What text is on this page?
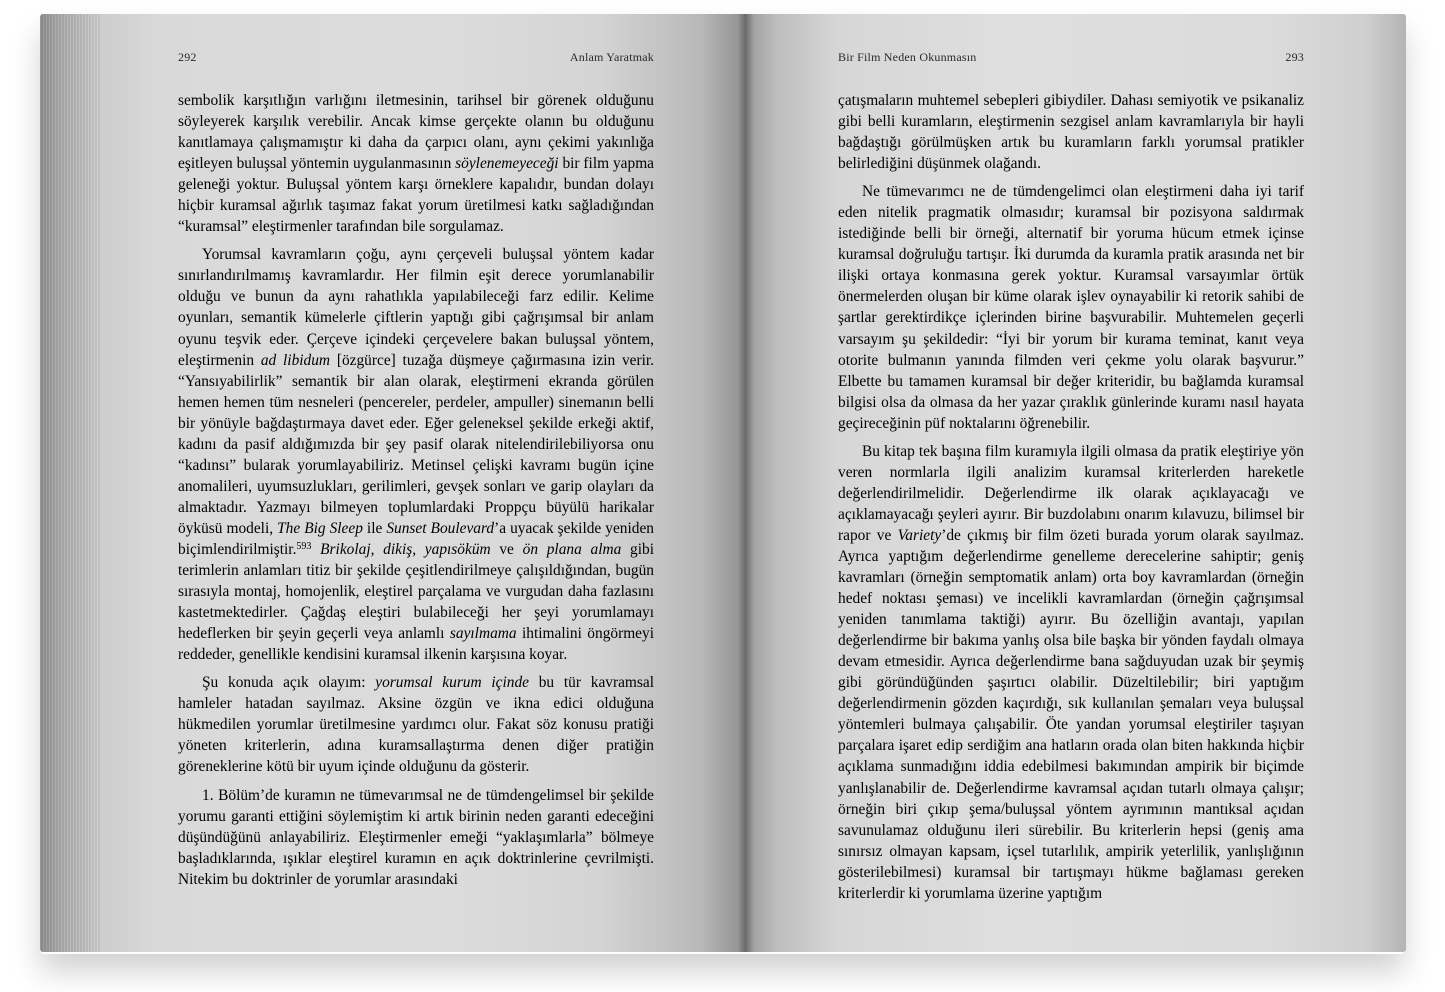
292	Anlam Yaratmak	Bir Film Neden Okunmasın	293

sembolik karşıtlığın varlığını iletmesinin, tarihsel bir görenek olduğunu söyleyerek karşılık verebilir. Ancak kimse gerçekte olanın bu olduğunu kanıtlamaya çalışmamıştır ki daha da çarpıcı olanı, aynı çekimi yakınlığa eşitleyen buluşsal yöntemin uygulanmasının söylenemeyeceği bir film yapma geleneği yoktur. Buluşsal yöntem karşı örneklere kapalıdır, bundan dolayı hiçbir kuramsal ağırlık taşımaz fakat yorum üretilmesi katkı sağladığından “kuramsal” eleştirmenler tarafından bile sorgulamaz.

Yorumsal kavramların çoğu, aynı çerçeveli buluşsal yöntem kadar sınırlandırılmamış kavramlardır. Her filmin eşit derece yorumlanabilir olduğu ve bunun da aynı rahatlıkla yapılabileceği farz edilir. Kelime oyunları, semantik kümelerle çiftlerin yaptığı gibi çağrışımsal bir anlam oyunu teşvik eder. Çerçeve içindeki çerçevelere bakan buluşsal yöntem, eleştirmenin ad libidum [özgürce] tuzağa düşmeye çağırmasına izin verir. “Yansıyabilirlik” semantik bir alan olarak, eleştirmeni ekranda görülen hemen hemen tüm nesneleri (pencereler, perdeler, ampuller) sinemanın belli bir yönüyle bağdaştırmaya davet eder. Eğer geleneksel şekilde erkeği aktif, kadını da pasif aldığımızda bir şey pasif olarak nitelendirilebiliyorsa onu “kadınsı” bularak yorumlayabiliriz. Metinsel çelişki kavramı bugün içine anomalileri, uyumsuzlukları, gerilimleri, gevşek sonları ve garip olayları da almaktadır. Yazmayı bilmeyen toplumlardaki Proppçu büyülü harikalar öyküsü modeli, The Big Sleep ile Sunset Boulevard’a uyacak şekilde yeniden biçimlendirilmiştir.$^{593}$ Brikolaj, dikiş, yapısöküm ve ön plana alma gibi terimlerin anlamları titiz bir şekilde çeşitlendirilmeye çalışıldığından, bugün sırasıyla montaj, homojenlik, eleştirel parçalama ve vurgudan daha fazlasını kastetmektedirler. Çağdaş eleştiri bulabileceği her şeyi yorumlamayı hedeflerken bir şeyin geçerli veya anlamlı sayılmama ihtimalini öngörmeyi reddeder, genellikle kendisini kuramsal ilkenin karşısına koyar.

Şu konuda açık olayım: yorumsal kurum içinde bu tür kavramsal hamleler hatadan sayılmaz. Aksine özgün ve ikna edici olduğuna hükmedilen yorumlar üretilmesine yardımcı olur. Fakat söz konusu pratiği yöneten kriterlerin, adına kuramsallaştırma denen diğer pratiğin göreneklerine kötü bir uyum içinde olduğunu da gösterir.

1. Bölüm’de kuramın ne tümevarımsal ne de tümdengelimsel bir şekilde yorumu garanti ettiğini söylemiştim ki artık birinin neden garanti edeceğini düşündüğünü anlayabiliriz. Eleştirmenler emeği “yaklaşımlarla” bölmeye başladıklarında, ışıklar eleştirel kuramın en açık doktrinlerine çevrilmişti. Nitekim bu doktrinler de yorumlar arasındaki

çatışmaların muhtemel sebepleri gibiydiler. Dahası semiyotik ve psikanaliz gibi belli kuramların, eleştirmenin sezgisel anlam kavramlarıyla bir hayli bağdaştığı görülmüşken artık bu kuramların farklı yorumsal pratikler belirlediğini düşünmek olağandı.

Ne tümevarımcı ne de tümdengelimci olan eleştirmeni daha iyi tarif eden nitelik pragmatik olmasıdır; kuramsal bir pozisyona saldırmak istediğinde belli bir örneği, alternatif bir yoruma hücum etmek içinse kuramsal doğruluğu tartışır. İki durumda da kuramla pratik arasında net bir ilişki ortaya konmasına gerek yoktur. Kuramsal varsayımlar örtük önermelerden oluşan bir küme olarak işlev oynayabilir ki retorik sahibi de şartlar gerektirdikçe içlerinden birine başvurabilir. Muhtemelen geçerli varsayım şu şekildedir: “İyi bir yorum bir kurama teminat, kanıt veya otorite bulmanın yanında filmden veri çekme yolu olarak başvurur.” Elbette bu tamamen kuramsal bir değer kriteridir, bu bağlamda kuramsal bilgisi olsa da olmasa da her yazar çıraklık günlerinde kuramı nasıl hayata geçireceğinin püf noktalarını öğrenebilir.

Bu kitap tek başına film kuramıyla ilgili olmasa da pratik eleştiriye yön veren normlarla ilgili analizim kuramsal kriterlerden hareketle değerlendirilmelidir. Değerlendirme ilk olarak açıklayacağı ve açıklamayacağı şeyleri ayırır. Bir buzdolabını onarım kılavuzu, bilimsel bir rapor ve Variety’de çıkmış bir film özeti burada yorum olarak sayılmaz. Ayrıca yaptığım değerlendirme genelleme derecelerine sahiptir; geniş kavramları (örneğin semptomatik anlam) orta boy kavramlardan (örneğin hedef noktası şeması) ve incelikli kavramlardan (örneğin çağrışımsal yeniden tanımlama taktiği) ayırır. Bu özelliğin avantajı, yapılan değerlendirme bir bakıma yanlış olsa bile başka bir yönden faydalı olmaya devam etmesidir. Ayrıca değerlendirme bana sağduyudan uzak bir şeymiş gibi göründüğünden şaşırtıcı olabilir. Düzeltilebilir; biri yaptığım değerlendirmenin gözden kaçırdığı, sık kullanılan şemaları veya buluşsal yöntemleri bulmaya çalışabilir. Öte yandan yorumsal eleştiriler taşıyan parçalara işaret edip serdiğim ana hatların orada olan biten hakkında hiçbir açıklama sunmadığını iddia edebilmesi bakımından ampirik bir biçimde yanlışlanabilir de. Değerlendirme kavramsal açıdan tutarlı olmaya çalışır; örneğin biri çıkıp şema/buluşsal yöntem ayrımının mantıksal açıdan savunulamaz olduğunu ileri sürebilir. Bu kriterlerin hepsi (geniş ama sınırsız olmayan kapsam, içsel tutarlılık, ampirik yeterlilik, yanlışlığının gösterilebilmesi) kuramsal bir tartışmayı hükme bağlaması gereken kriterlerdir ki yorumlama üzerine yaptığım
